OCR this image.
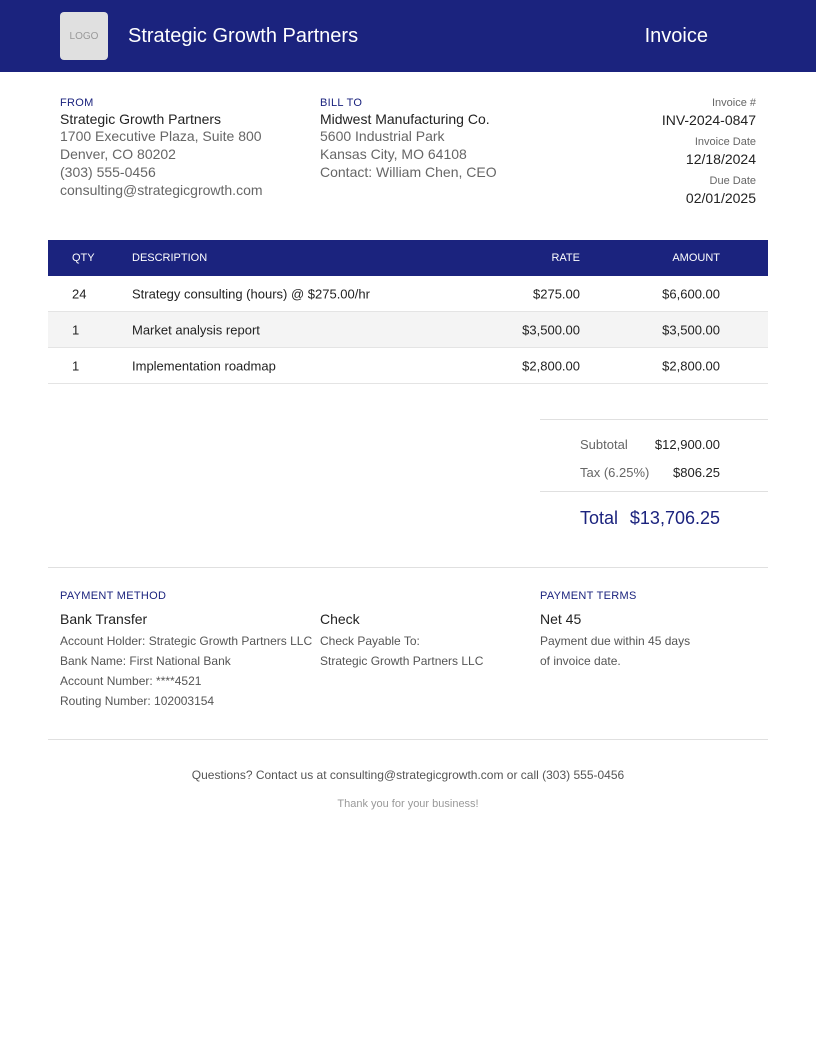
LOGO	Strategic Growth Partners	Invoice
FROM
Strategic Growth Partners
1700 Executive Plaza, Suite 800
Denver, CO 80202
(303) 555-0456
consulting@strategicgrowth.com
BILL TO
Midwest Manufacturing Co.
5600 Industrial Park
Kansas City, MO 64108
Contact: William Chen, CEO
Invoice #
INV-2024-0847
Invoice Date
12/18/2024
Due Date
02/01/2025
QTY	DESCRIPTION	RATE	AMOUNT
24	Strategy consulting (hours) @ $275.00/hr	$275.00	$6,600.00
1	Market analysis report	$3,500.00	$3,500.00
1	Implementation roadmap	$2,800.00	$2,800.00
Subtotal $12,900.00
Tax (6.25%) $806.25
Total $13,706.25
PAYMENT METHOD
Bank Transfer
Account Holder: Strategic Growth Partners LLC
Bank Name: First National Bank
Account Number: ****4521
Routing Number: 102003154
Check
Check Payable To:
Strategic Growth Partners LLC
PAYMENT TERMS
Net 45
Payment due within 45 days
of invoice date.
Questions? Contact us at consulting@strategicgrowth.com or call (303) 555-0456
Thank you for your business!
